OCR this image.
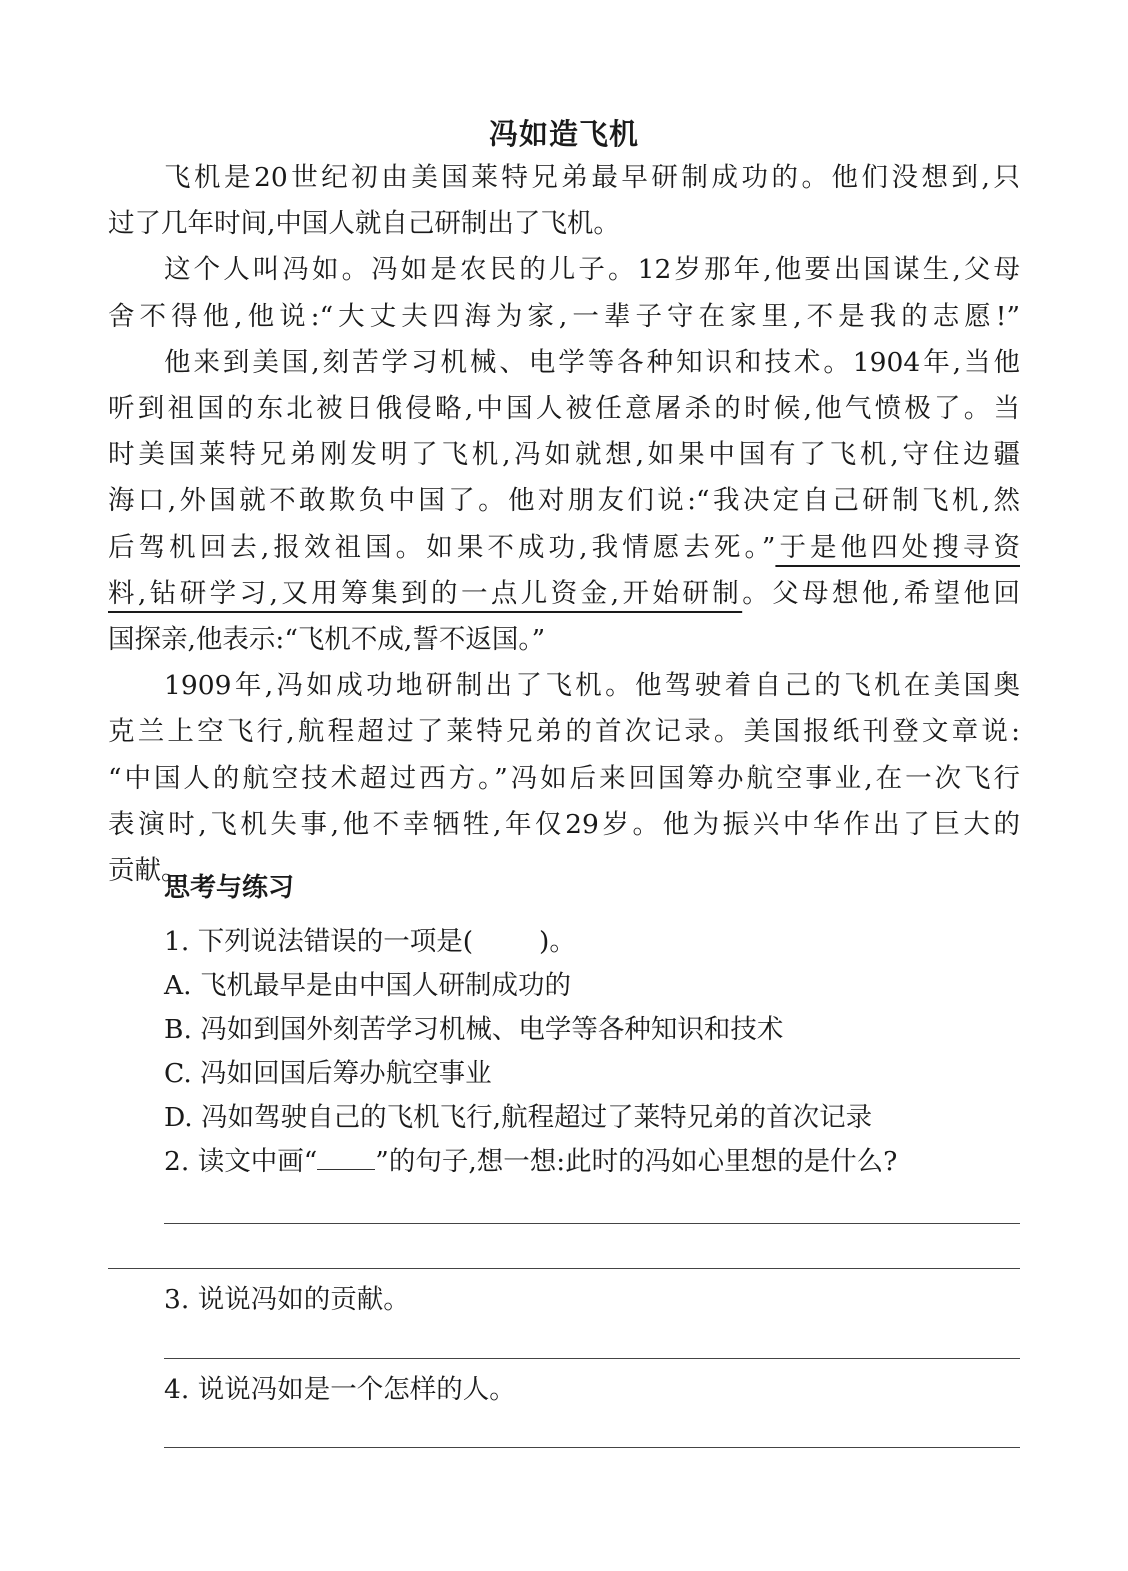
冯如造飞机
飞机是20世纪初由美国莱特兄弟最早研制成功的。他们没想到,只
过了几年时间,中国人就自己研制出了飞机。
这个人叫冯如。冯如是农民的儿子。12岁那年,他要出国谋生,父母
舍不得他,他说:“大丈夫四海为家,一辈子守在家里,不是我的志愿!”
他来到美国,刻苦学习机械、电学等各种知识和技术。1904年,当他
听到祖国的东北被日俄侵略,中国人被任意屠杀的时候,他气愤极了。当
时美国莱特兄弟刚发明了飞机,冯如就想,如果中国有了飞机,守住边疆
海口,外国就不敢欺负中国了。他对朋友们说:“我决定自己研制飞机,然
后驾机回去,报效祖国。如果不成功,我情愿去死。”于是他四处搜寻资
料,钻研学习,又用筹集到的一点儿资金,开始研制。父母想他,希望他回
国探亲,他表示:“飞机不成,誓不返国。”
1909年,冯如成功地研制出了飞机。他驾驶着自己的飞机在美国奥
克兰上空飞行,航程超过了莱特兄弟的首次记录。美国报纸刊登文章说:
“中国人的航空技术超过西方。”冯如后来回国筹办航空事业,在一次飞行
表演时,飞机失事,他不幸牺牲,年仅29岁。他为振兴中华作出了巨大的
贡献。
思考与练习
1. 下列说法错误的一项是( )。
A. 飞机最早是由中国人研制成功的
B. 冯如到国外刻苦学习机械、电学等各种知识和技术
C. 冯如回国后筹办航空事业
D. 冯如驾驶自己的飞机飞行,航程超过了莱特兄弟的首次记录
2. 读文中画“ ”的句子,想一想:此时的冯如心里想的是什么?
3. 说说冯如的贡献。
4. 说说冯如是一个怎样的人。
